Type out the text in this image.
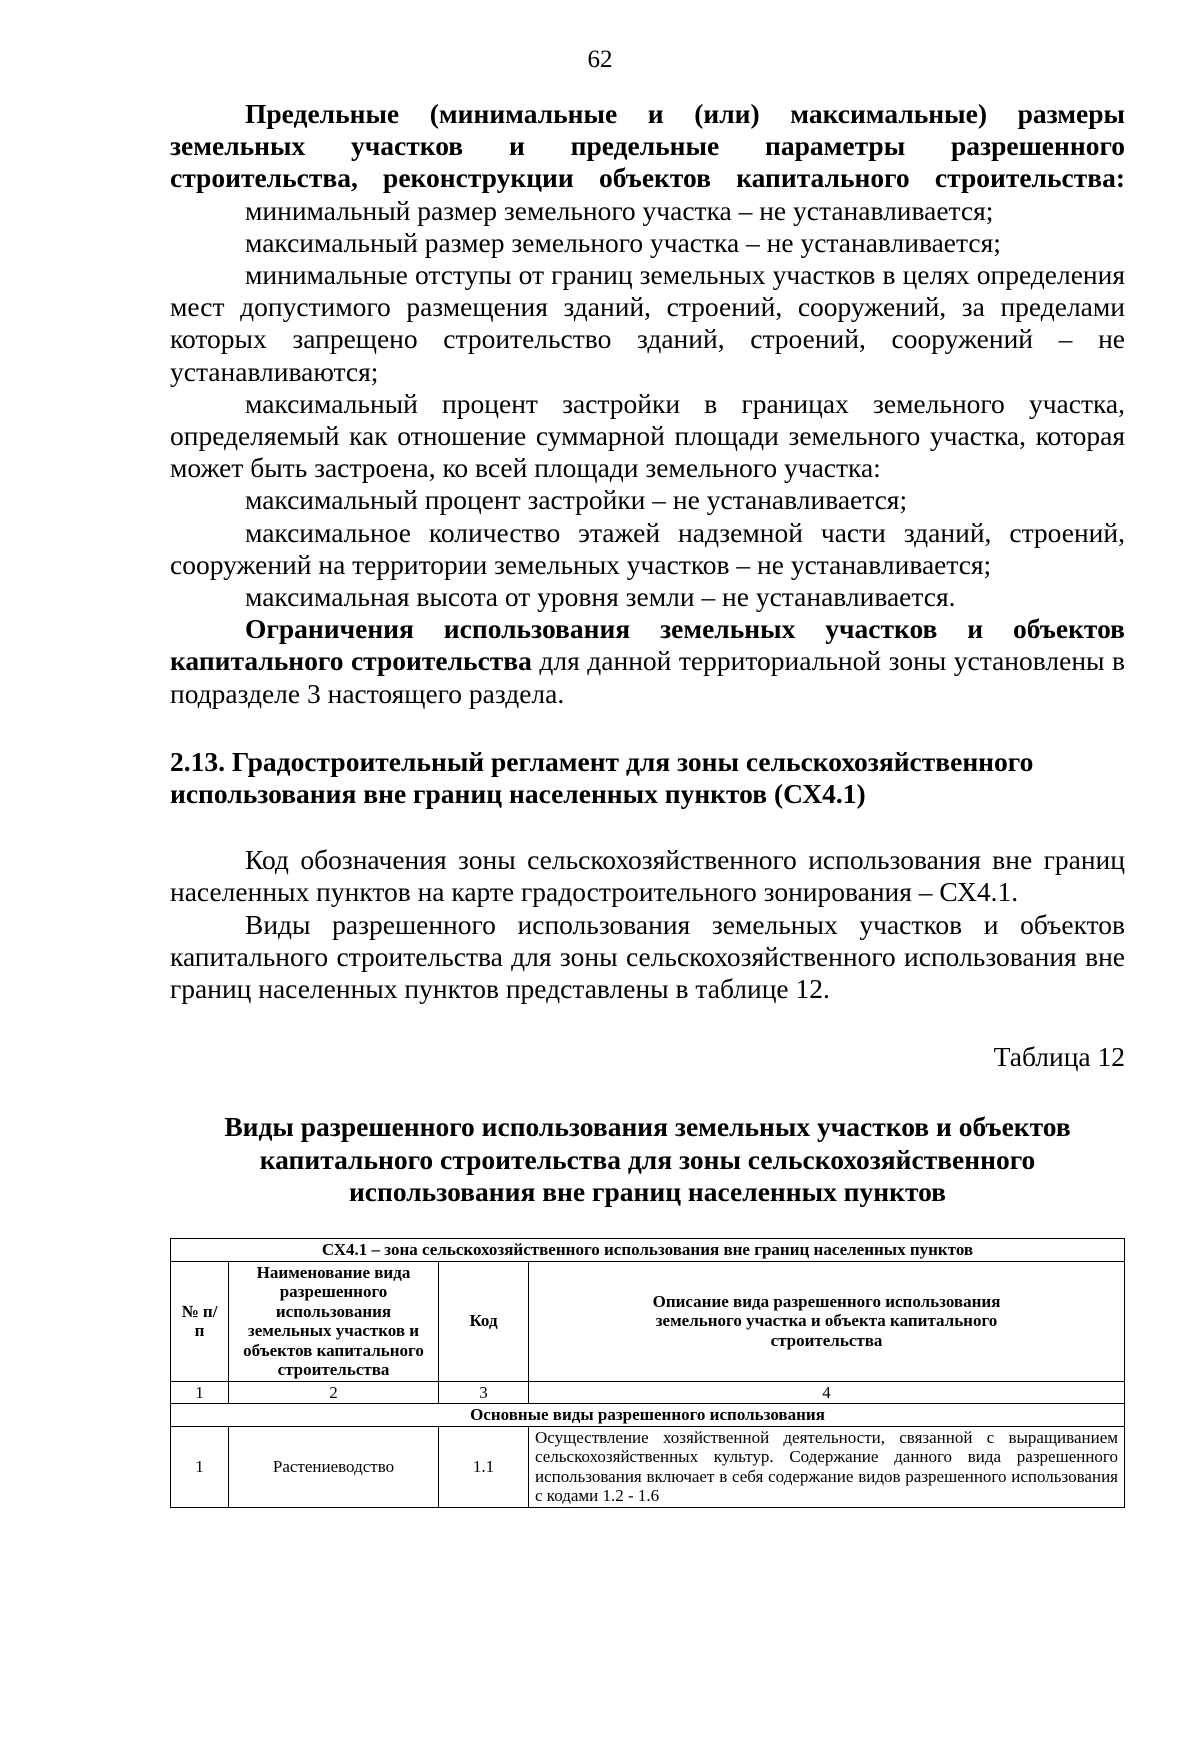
62

Предельные (минимальные и (или) максимальные) размеры земельных участков и предельные параметры разрешенного строительства, реконструкции объектов капитального строительства:

минимальный размер земельного участка – не устанавливается;

максимальный размер земельного участка – не устанавливается;

минимальные отступы от границ земельных участков в целях определения мест допустимого размещения зданий, строений, сооружений, за пределами которых запрещено строительство зданий, строений, сооружений – не устанавливаются;

максимальный процент застройки в границах земельного участка, определяемый как отношение суммарной площади земельного участка, которая может быть застроена, ко всей площади земельного участка:

максимальный процент застройки – не устанавливается;

максимальное количество этажей надземной части зданий, строений, сооружений на территории земельных участков – не устанавливается;

максимальная высота от уровня земли – не устанавливается.

Ограничения использования земельных участков и объектов капитального строительства для данной территориальной зоны установлены в подразделе 3 настоящего раздела.

2.13. Градостроительный регламент для зоны сельскохозяйственного
использования вне границ населенных пунктов (СХ4.1)

Код обозначения зоны сельскохозяйственного использования вне границ населенных пунктов на карте градостроительного зонирования – СХ4.1.

Виды разрешенного использования земельных участков и объектов капитального строительства для зоны сельскохозяйственного использования вне границ населенных пунктов представлены в таблице 12.

Таблица 12

Виды разрешенного использования земельных участков и объектов
капитального строительства для зоны сельскохозяйственного
использования вне границ населенных пунктов

СХ4.1 – зона сельскохозяйственного использования вне границ населенных пунктов			
№ п/п	Наименование вида разрешенного использования земельных участков и объектов капитального строительства	Код	Описание вида разрешенного использования земельного участка и объекта капитального строительства
1	2	3	4
Основные виды разрешенного использования			
1	Растениеводство	1.1	Осуществление хозяйственной деятельности, связанной с выращиванием сельскохозяйственных культур. Содержание данного вида разрешенного использования включает в себя содержание видов разрешенного использования с кодами 1.2 - 1.6
